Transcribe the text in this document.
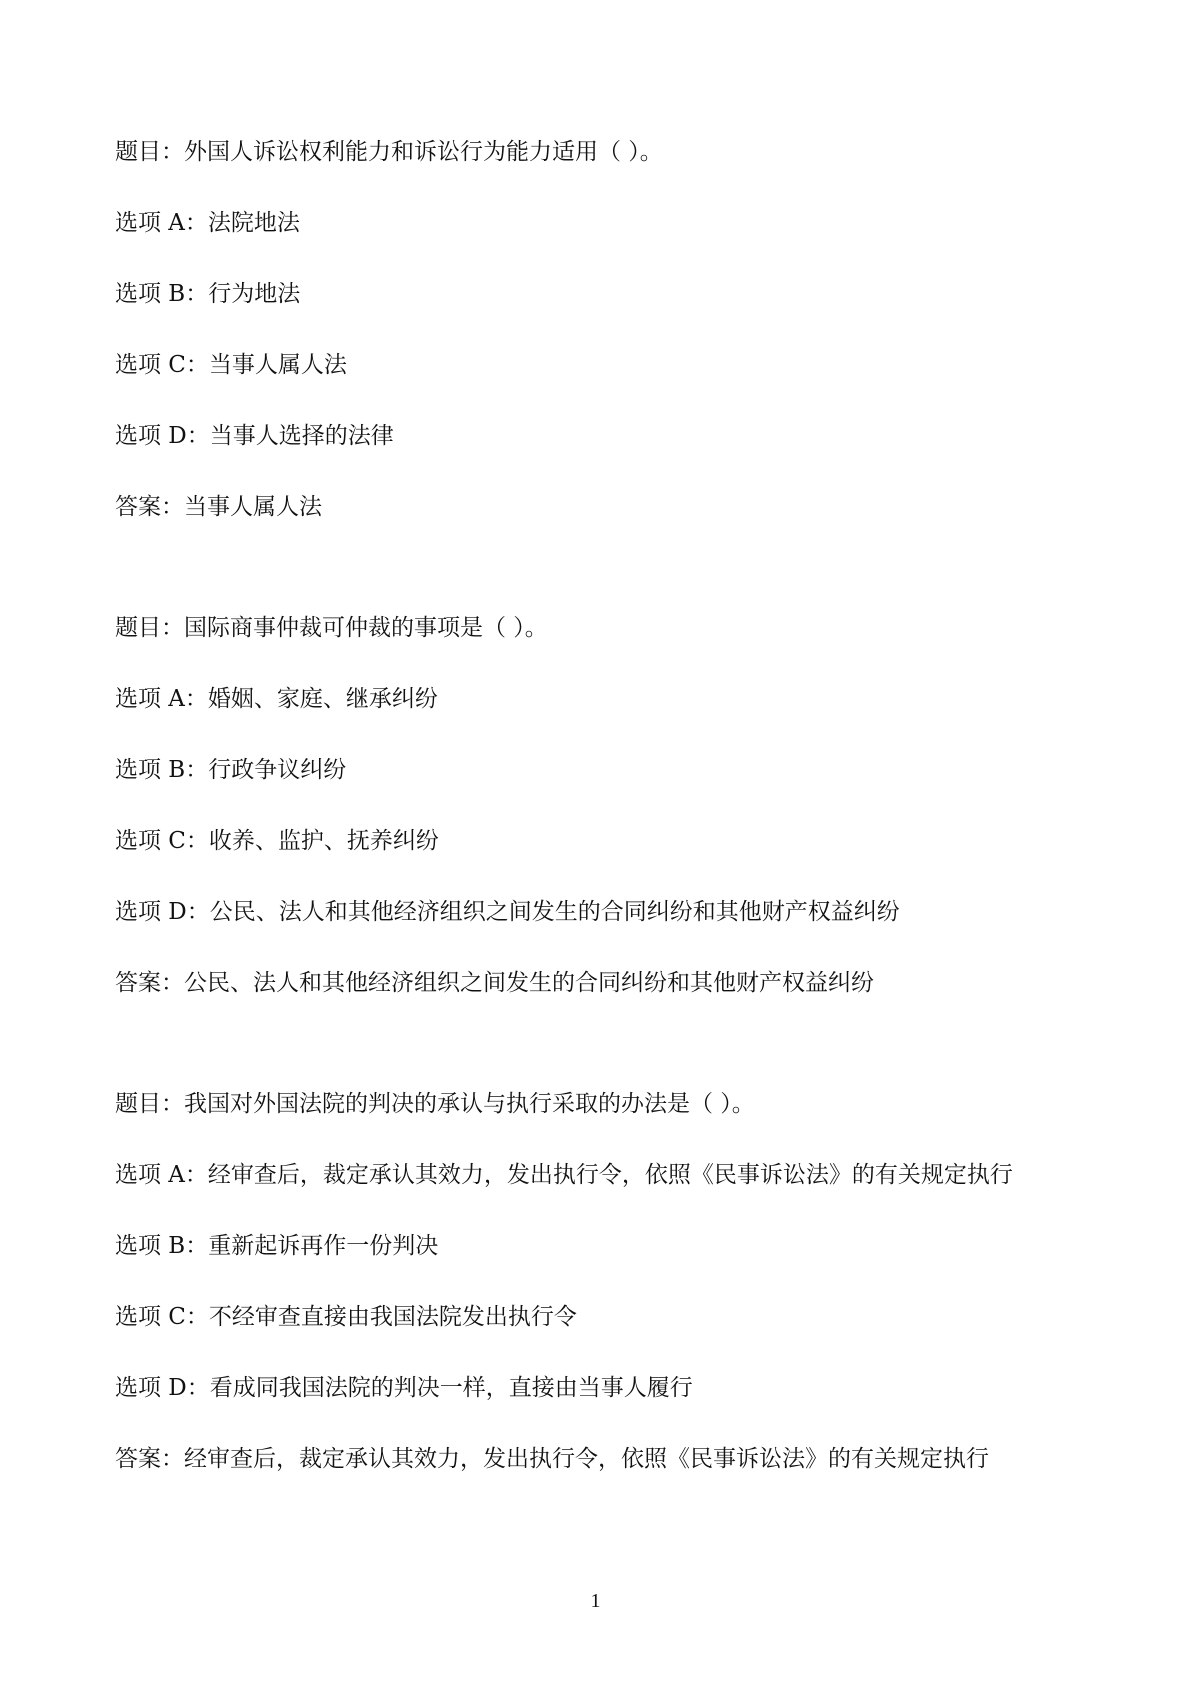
题目：外国人诉讼权利能力和诉讼行为能力适用（ ）。
选项 A：法院地法
选项 B：行为地法
选项 C：当事人属人法
选项 D：当事人选择的法律
答案：当事人属人法
题目：国际商事仲裁可仲裁的事项是（ ）。
选项 A：婚姻、家庭、继承纠纷
选项 B：行政争议纠纷
选项 C：收养、监护、抚养纠纷
选项 D：公民、法人和其他经济组织之间发生的合同纠纷和其他财产权益纠纷
答案：公民、法人和其他经济组织之间发生的合同纠纷和其他财产权益纠纷
题目：我国对外国法院的判决的承认与执行采取的办法是（ ）。
选项 A：经审查后，裁定承认其效力，发出执行令，依照《民事诉讼法》的有关规定执行
选项 B：重新起诉再作一份判决
选项 C：不经审查直接由我国法院发出执行令
选项 D：看成同我国法院的判决一样，直接由当事人履行
答案：经审查后，裁定承认其效力，发出执行令，依照《民事诉讼法》的有关规定执行
1
